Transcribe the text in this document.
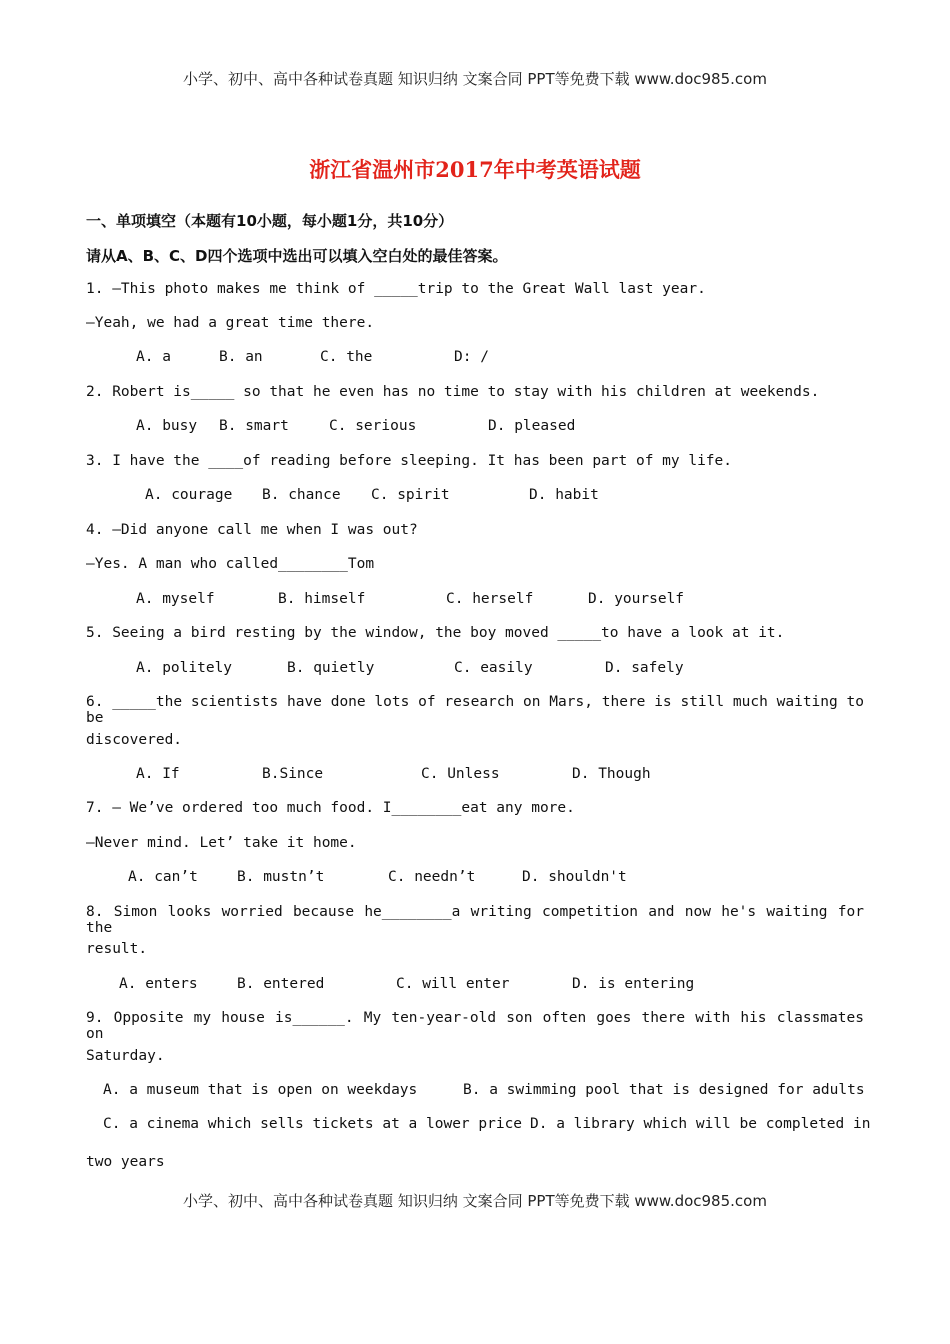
小学、初中、高中各种试卷真题 知识归纳 文案合同 PPT等免费下载 www.doc985.com
浙江省温州市2017年中考英语试题
一、单项填空（本题有10小题，每小题1分，共10分）
请从A、B、C、D四个选项中选出可以填入空白处的最佳答案。
1. —This photo makes me think of _____trip to the Great Wall last year.
—Yeah, we had a great time there.
A. a	B. an	C. the	D: /
2. Robert is_____ so that he even has no time to stay with his children at weekends.
A. busy B. smart	C. serious	D. pleased
3. I have the ____of reading before sleeping. It has been part of my life.
A. courage B. chance C. spirit	D. habit
4. —Did anyone call me when I was out?
—Yes. A man who called________Tom
A. myself	B. himself	C. herself	D. yourself
5. Seeing a bird resting by the window, the boy moved _____to have a look at it.
A. politely	B. quietly	C. easily	D. safely
6. _____the scientists have done lots of research on Mars, there is still much waiting to be
discovered.
A. If	B.Since	C. Unless	D. Though
7. — We’ve ordered too much food. I________eat any more.
—Never mind. Let’ take it home.
A. can’t	B. mustn’t	C. needn’t	D. shouldn't
8. Simon looks worried because he________a writing competition and now he's waiting for the
result.
A. enters	B. entered	C. will enter	D. is entering
9. Opposite my house is______. My ten-year-old son often goes there with his classmates on
Saturday.
A. a museum that is open on weekdays	B. a swimming pool that is designed for adults
C. a cinema which sells tickets at a lower price D. a library which will be completed in
two years
小学、初中、高中各种试卷真题 知识归纳 文案合同 PPT等免费下载 www.doc985.com
